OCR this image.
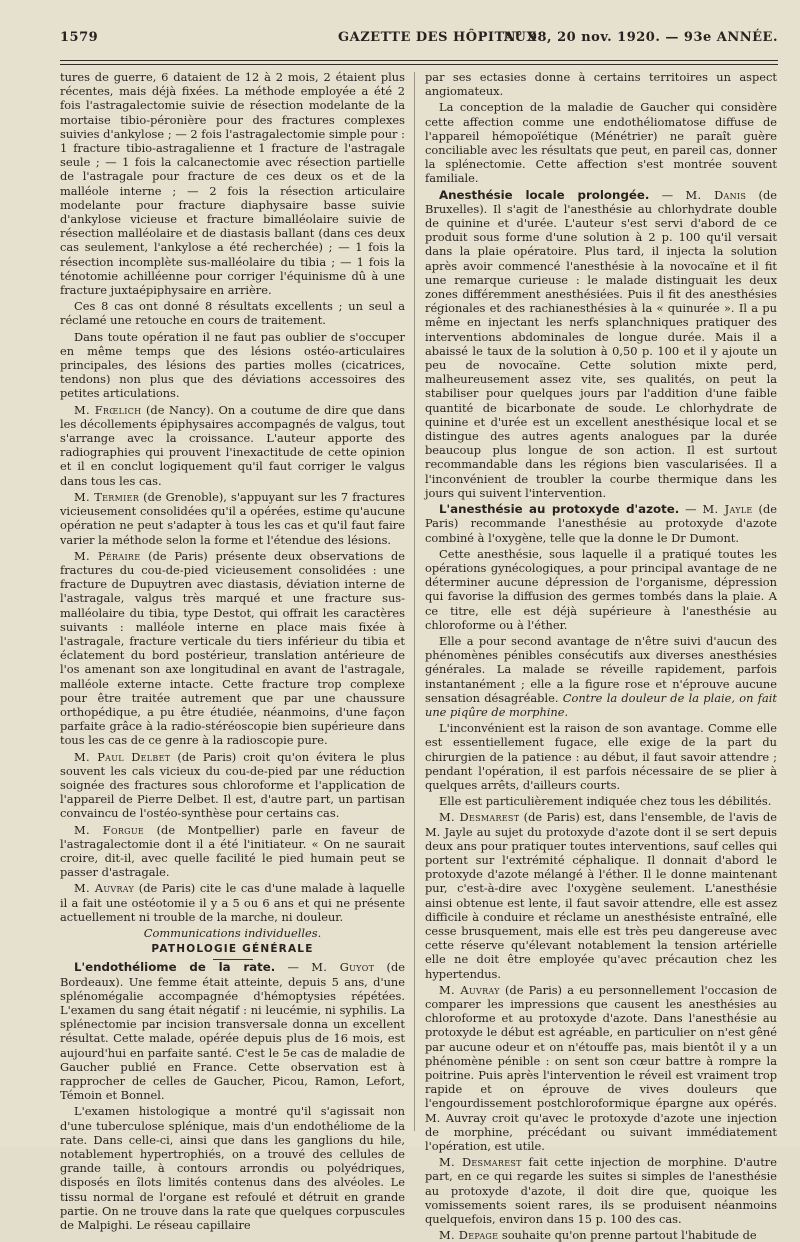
1579	GAZETTE DES HÔPITAUX
N° 98, 20 nov. 1920. — 93e ANNÉE.

tures de guerre, 6 dataient de 12 à 2 mois, 2 étaient plus récentes, mais déjà fixées. La méthode employée a été 2 fois l'astragalectomie suivie de résection modelante de la mortaise tibio-péronière pour des fractures complexes suivies d'ankylose ; — 2 fois l'astragalectomie simple pour : 1 fracture tibio-astragalienne et 1 fracture de l'astragale seule ; — 1 fois la calcanectomie avec résection partielle de l'astragale pour fracture de ces deux os et de la malléole interne ; — 2 fois la résection articulaire modelante pour fracture diaphysaire basse suivie d'ankylose vicieuse et fracture bimalléolaire suivie de résection malléolaire et de diastasis ballant (dans ces deux cas seulement, l'ankylose a été recherchée) ; — 1 fois la résection incomplète sus-malléolaire du tibia ; — 1 fois la ténotomie achilléenne pour corriger l'équinisme dû à une fracture juxtaépiphysaire en arrière.

Ces 8 cas ont donné 8 résultats excellents ; un seul a réclamé une retouche en cours de traitement.

Dans toute opération il ne faut pas oublier de s'occuper en même temps que des lésions ostéo-articulaires principales, des lésions des parties molles (cicatrices, tendons) non plus que des déviations accessoires des petites articulations.

M. Frœlich (de Nancy). On a coutume de dire que dans les décollements épiphysaires accompagnés de valgus, tout s'arrange avec la croissance. L'auteur apporte des radiographies qui prouvent l'inexactitude de cette opinion et il en conclut logiquement qu'il faut corriger le valgus dans tous les cas.

M. Termier (de Grenoble), s'appuyant sur les 7 fractures vicieusement consolidées qu'il a opérées, estime qu'aucune opération ne peut s'adapter à tous les cas et qu'il faut faire varier la méthode selon la forme et l'étendue des lésions.

M. Péraire (de Paris) présente deux observations de fractures du cou-de-pied vicieusement consolidées : une fracture de Dupuytren avec diastasis, déviation interne de l'astragale, valgus très marqué et une fracture sus-malléolaire du tibia, type Destot, qui offrait les caractères suivants : malléole interne en place mais fixée à l'astragale, fracture verticale du tiers inférieur du tibia et éclatement du bord postérieur, translation antérieure de l'os amenant son axe longitudinal en avant de l'astragale, malléole externe intacte. Cette fracture trop complexe pour être traitée autrement que par une chaussure orthopédique, a pu être étudiée, néanmoins, d'une façon parfaite grâce à la radio-stéréoscopie bien supérieure dans tous les cas de ce genre à la radioscopie pure.

M. Paul Delbet (de Paris) croit qu'on évitera le plus souvent les cals vicieux du cou-de-pied par une réduction soignée des fractures sous chloroforme et l'application de l'appareil de Pierre Delbet. Il est, d'autre part, un partisan convaincu de l'ostéo-synthèse pour certains cas.

M. Forgue (de Montpellier) parle en faveur de l'astragalectomie dont il a été l'initiateur. « On ne saurait croire, dit-il, avec quelle facilité le pied humain peut se passer d'astragale.

M. Auvray (de Paris) cite le cas d'une malade à laquelle il a fait une ostéotomie il y a 5 ou 6 ans et qui ne présente actuellement ni trouble de la marche, ni douleur.

Communications individuelles.

PATHOLOGIE GÉNÉRALE

L'endothéliome de la rate. — M. Guyot (de Bordeaux). Une femme était atteinte, depuis 5 ans, d'une splénomégalie accompagnée d'hémoptysies répétées. L'examen du sang était négatif : ni leucémie, ni syphilis. La splénectomie par incision transversale donna un excellent résultat. Cette malade, opérée depuis plus de 16 mois, est aujourd'hui en parfaite santé. C'est le 5e cas de maladie de Gaucher publié en France. Cette observation est à rapprocher de celles de Gaucher, Picou, Ramon, Lefort, Témoin et Bonnel.

L'examen histologique a montré qu'il s'agissait non d'une tuberculose splénique, mais d'un endothéliome de la rate. Dans celle-ci, ainsi que dans les ganglions du hile, notablement hypertrophiés, on a trouvé des cellules de grande taille, à contours arrondis ou polyédriques, disposés en îlots limités contenus dans des alvéoles. Le tissu normal de l'organe est refoulé et détruit en grande partie. On ne trouve dans la rate que quelques corpuscules de Malpighi. Le réseau capillaire

par ses ectasies donne à certains territoires un aspect angiomateux.

La conception de la maladie de Gaucher qui considère cette affection comme une endothéliomatose diffuse de l'appareil hémopoïétique (Ménétrier) ne paraît guère conciliable avec les résultats que peut, en pareil cas, donner la splénectomie. Cette affection s'est montrée souvent familiale.

Anesthésie locale prolongée. — M. Danis (de Bruxelles). Il s'agit de l'anesthésie au chlorhydrate double de quinine et d'urée. L'auteur s'est servi d'abord de ce produit sous forme d'une solution à 2 p. 100 qu'il versait dans la plaie opératoire. Plus tard, il injecta la solution après avoir commencé l'anesthésie à la novocaïne et il fit une remarque curieuse : le malade distinguait les deux zones différemment anesthésiées. Puis il fit des anesthésies régionales et des rachianesthésies à la « quinurée ». Il a pu même en injectant les nerfs splanchniques pratiquer des interventions abdominales de longue durée. Mais il a abaissé le taux de la solution à 0,50 p. 100 et il y ajoute un peu de novocaïne. Cette solution mixte perd, malheureusement assez vite, ses qualités, on peut la stabiliser pour quelques jours par l'addition d'une faible quantité de bicarbonate de soude. Le chlorhydrate de quinine et d'urée est un excellent anesthésique local et se distingue des autres agents analogues par la durée beaucoup plus longue de son action. Il est surtout recommandable dans les régions bien vascularisées. Il a l'inconvénient de troubler la courbe thermique dans les jours qui suivent l'intervention.

L'anesthésie au protoxyde d'azote. — M. Jayle (de Paris) recommande l'anesthésie au protoxyde d'azote combiné à l'oxygène, telle que la donne le Dr Dumont.

Cette anesthésie, sous laquelle il a pratiqué toutes les opérations gynécologiques, a pour principal avantage de ne déterminer aucune dépression de l'organisme, dépression qui favorise la diffusion des germes tombés dans la plaie. A ce titre, elle est déjà supérieure à l'anesthésie au chloroforme ou à l'éther.

Elle a pour second avantage de n'être suivi d'aucun des phénomènes pénibles consécutifs aux diverses anesthésies générales. La malade se réveille rapidement, parfois instantanément ; elle a la figure rose et n'éprouve aucune sensation désagréable. Contre la douleur de la plaie, on fait une piqûre de morphine.

L'inconvénient est la raison de son avantage. Comme elle est essentiellement fugace, elle exige de la part du chirurgien de la patience : au début, il faut savoir attendre ; pendant l'opération, il est parfois nécessaire de se plier à quelques arrêts, d'ailleurs courts.

Elle est particulièrement indiquée chez tous les débilités.

M. Desmarest (de Paris) est, dans l'ensemble, de l'avis de M. Jayle au sujet du protoxyde d'azote dont il se sert depuis deux ans pour pratiquer toutes interventions, sauf celles qui portent sur l'extrémité céphalique. Il donnait d'abord le protoxyde d'azote mélangé à l'éther. Il le donne maintenant pur, c'est-à-dire avec l'oxygène seulement. L'anesthésie ainsi obtenue est lente, il faut savoir attendre, elle est assez difficile à conduire et réclame un anesthésiste entraîné, elle cesse brusquement, mais elle est très peu dangereuse avec cette réserve qu'élevant notablement la tension artérielle elle ne doit être employée qu'avec précaution chez les hypertendus.

M. Auvray (de Paris) a eu personnellement l'occasion de comparer les impressions que causent les anesthésies au chloroforme et au protoxyde d'azote. Dans l'anesthésie au protoxyde le début est agréable, en particulier on n'est gêné par aucune odeur et on n'étouffe pas, mais bientôt il y a un phénomène pénible : on sent son cœur battre à rompre la poitrine. Puis après l'intervention le réveil est vraiment trop rapide et on éprouve de vives douleurs que l'engourdissement postchloroformique épargne aux opérés. M. Auvray croit qu'avec le protoxyde d'azote une injection de morphine, précédant ou suivant immédiatement l'opération, est utile.

M. Desmarest fait cette injection de morphine. D'autre part, en ce qui regarde les suites si simples de l'anesthésie au protoxyde d'azote, il doit dire que, quoique les vomissements soient rares, ils se produisent néanmoins quelquefois, environ dans 15 p. 100 des cas.

M. Depage souhaite qu'on prenne partout l'habitude de
